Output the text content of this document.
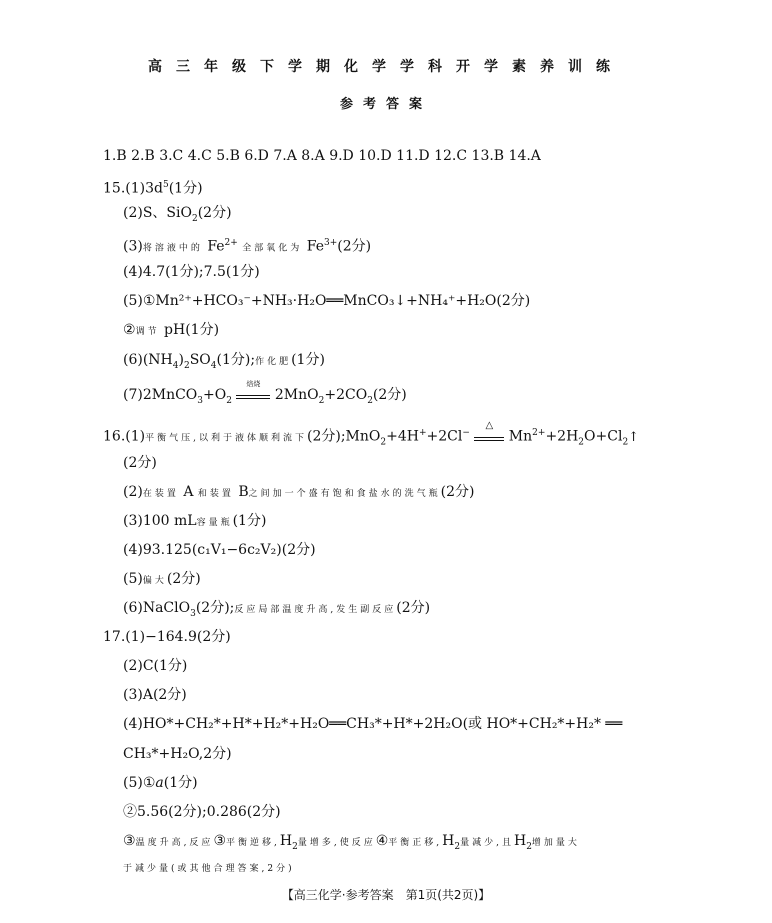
高三年级下学期化学学科开学素养训练
参考答案
1.B 2.B 3.C 4.C 5.B 6.D 7.A 8.A 9.D 10.D 11.D 12.C 13.B 14.A
$15.(1)3d^5(1$分)
(2)S、SiO$_2$(2分)
(3)将溶液中的 $Fe^{2+}$ 全部氧化为 $Fe^{3+}(2$分)
(4)4.7(1分);7.5(1分)
(5)①Mn²⁺+HCO₃⁻+NH₃·H₂O══MnCO₃↓+NH₄⁺+H₂O(2分)
②调节 pH(1分)
$(6)(NH_4)_2SO_4(1$分);作化肥(1分)
$(7)2MnCO_3+O_2$
焙烧
$2MnO_2+2CO_2(2$分)
16.(1)平衡气压,以利于液体顺利流下(2分);MnO$_2$+4H++2Cl−
△
$Mn^{2+}+2H_2O+Cl_2↑$
(2分)
(2)在装置 A 和装置 B之间加一个盛有饱和食盐水的洗气瓶(2分)
(3)100 mL容量瓶(1分)
(4)93.125(c₁V₁−6c₂V₂)(2分)
(5)偏大(2分)
(6)NaClO$_3$(2分);反应局部温度升高,发生副反应(2分)
17.(1)−164.9(2分)
(2)C(1分)
(3)A(2分)
(4)HO*+CH₂*+H*+H₂*+H₂O══CH₃*+H*+2H₂O(或 HO*+CH₂*+H₂* ══
CH₃*+H₂O,2分)
(5)①a(1分)
②5.56(2分);0.286(2分)
③温度升高,反应③平衡逆移$,H_2$量增多,使反应④平衡正移$,H_2$量减少,且$H_2$增加量大
于减少量(或其他合理答案,2分)
【高三化学·参考答案　第1页(共2页)】
